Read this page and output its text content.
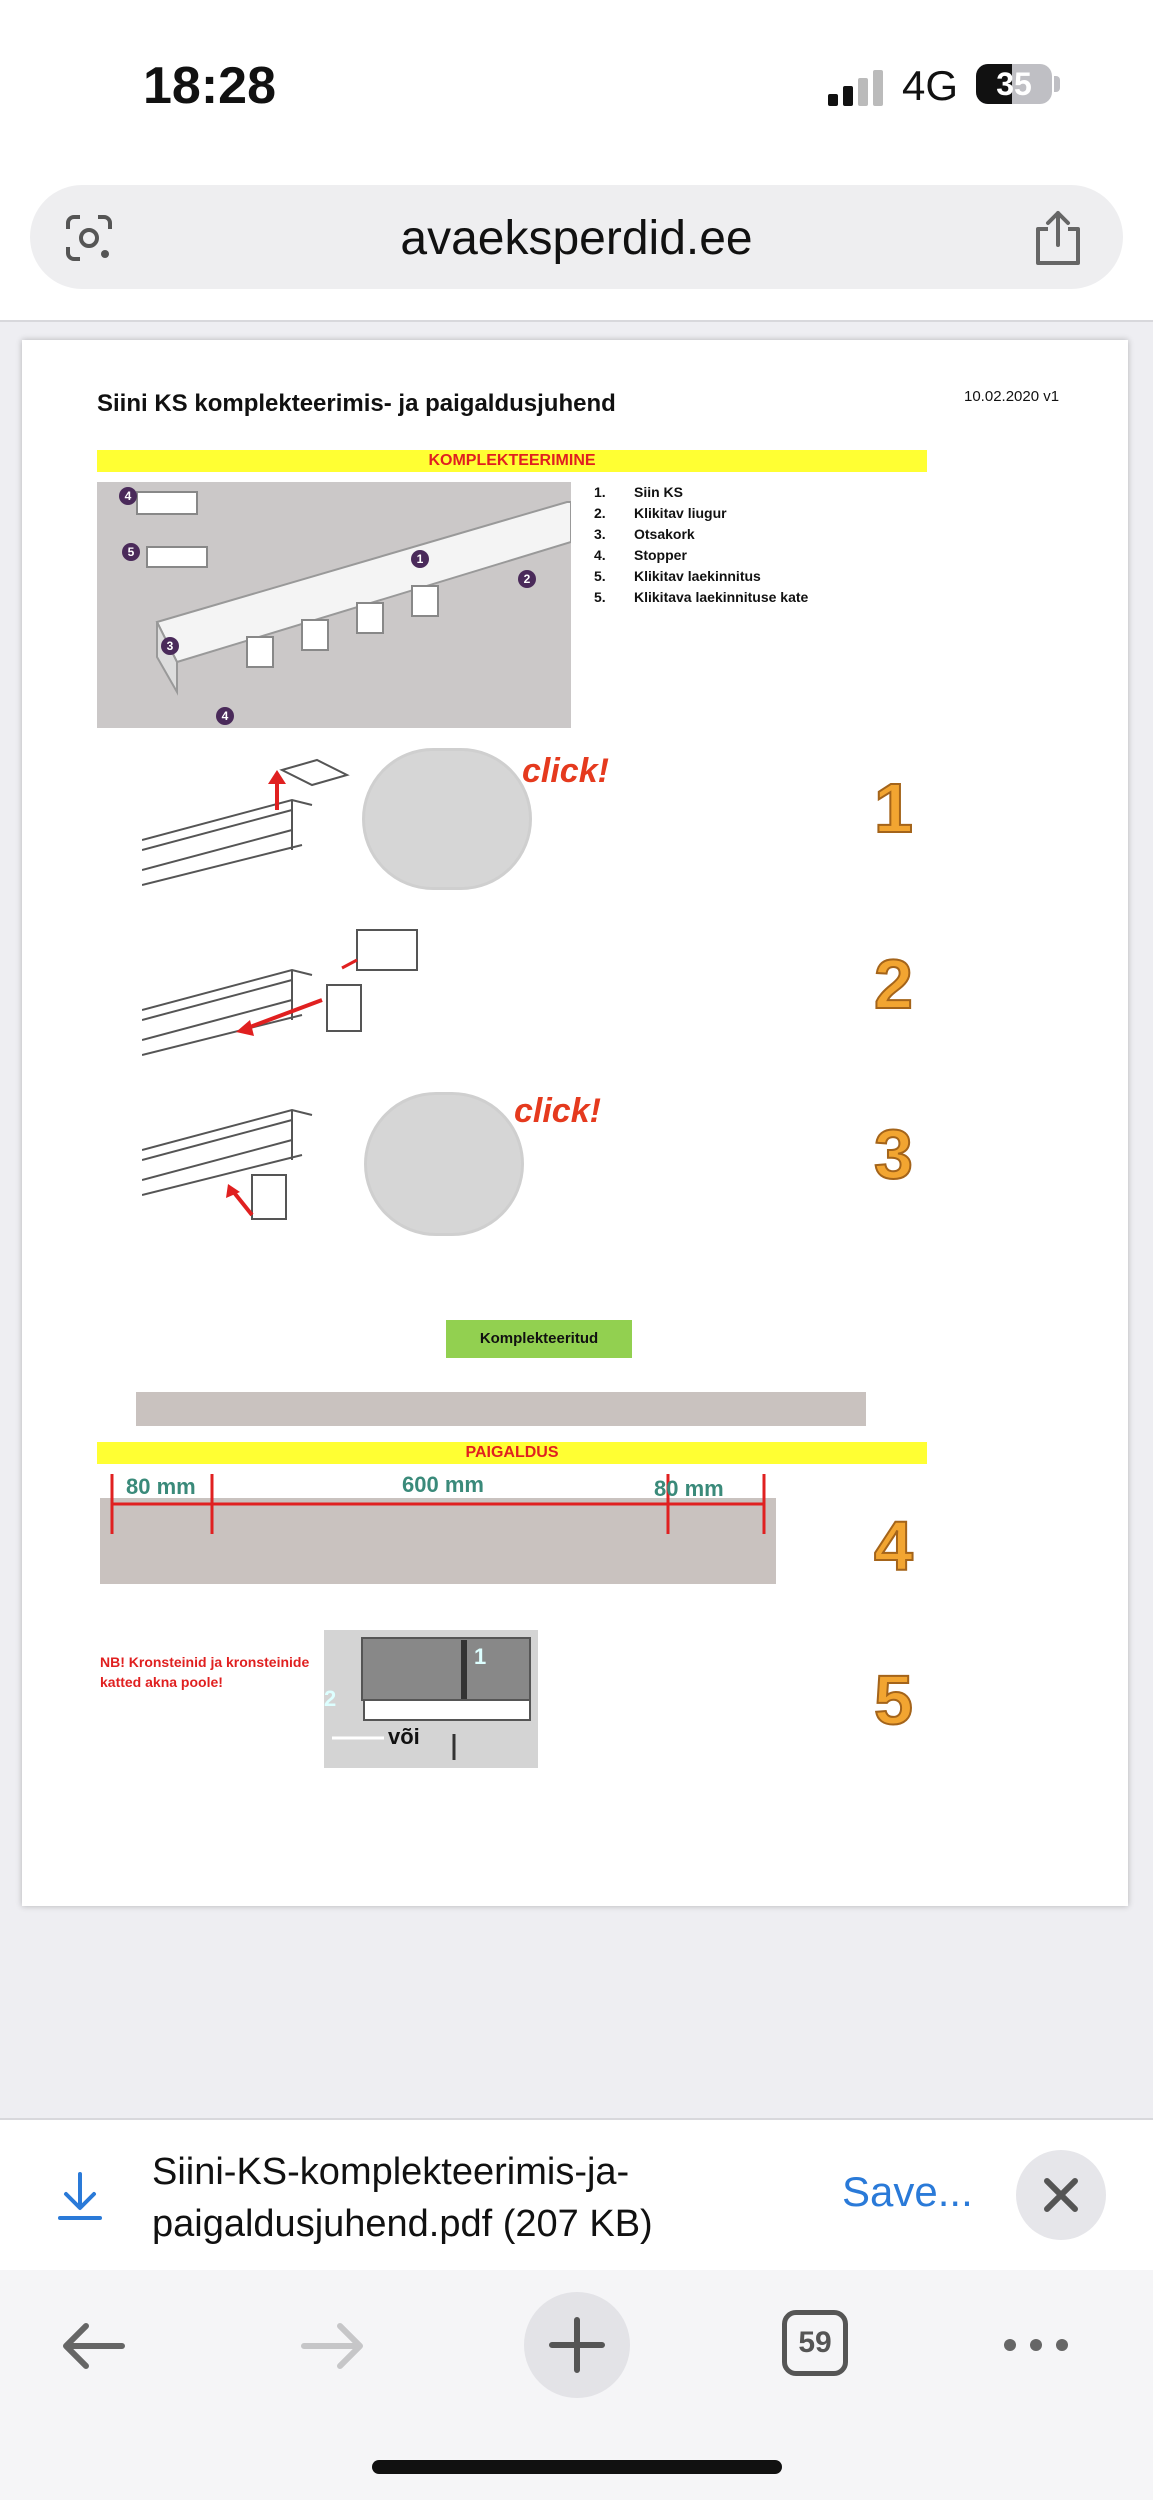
18:28	4G	35
avaeksperdid.ee
Siini KS komplekteerimis- ja paigaldusjuhend	10.02.2020 v1
KOMPLEKTEERIMINE
4
5	1
2
3
4
1. Siin KS
2. Klikitav liugur
3. Otsakork
4. Stopper
5. Klikitav laekinnitus
5. Klikitava laekinnituse kate
click!	1
2
click!
3
Komplekteeritud
PAIGALDUS
80 mm	600 mm	80 mm
4
NB! Kronsteinid ja kronsteinide katted akna poole!
1
2
või	5
Siini-KS-komplekteerimis-ja-paigaldusjuhend.pdf (207 KB)
Save...
59
